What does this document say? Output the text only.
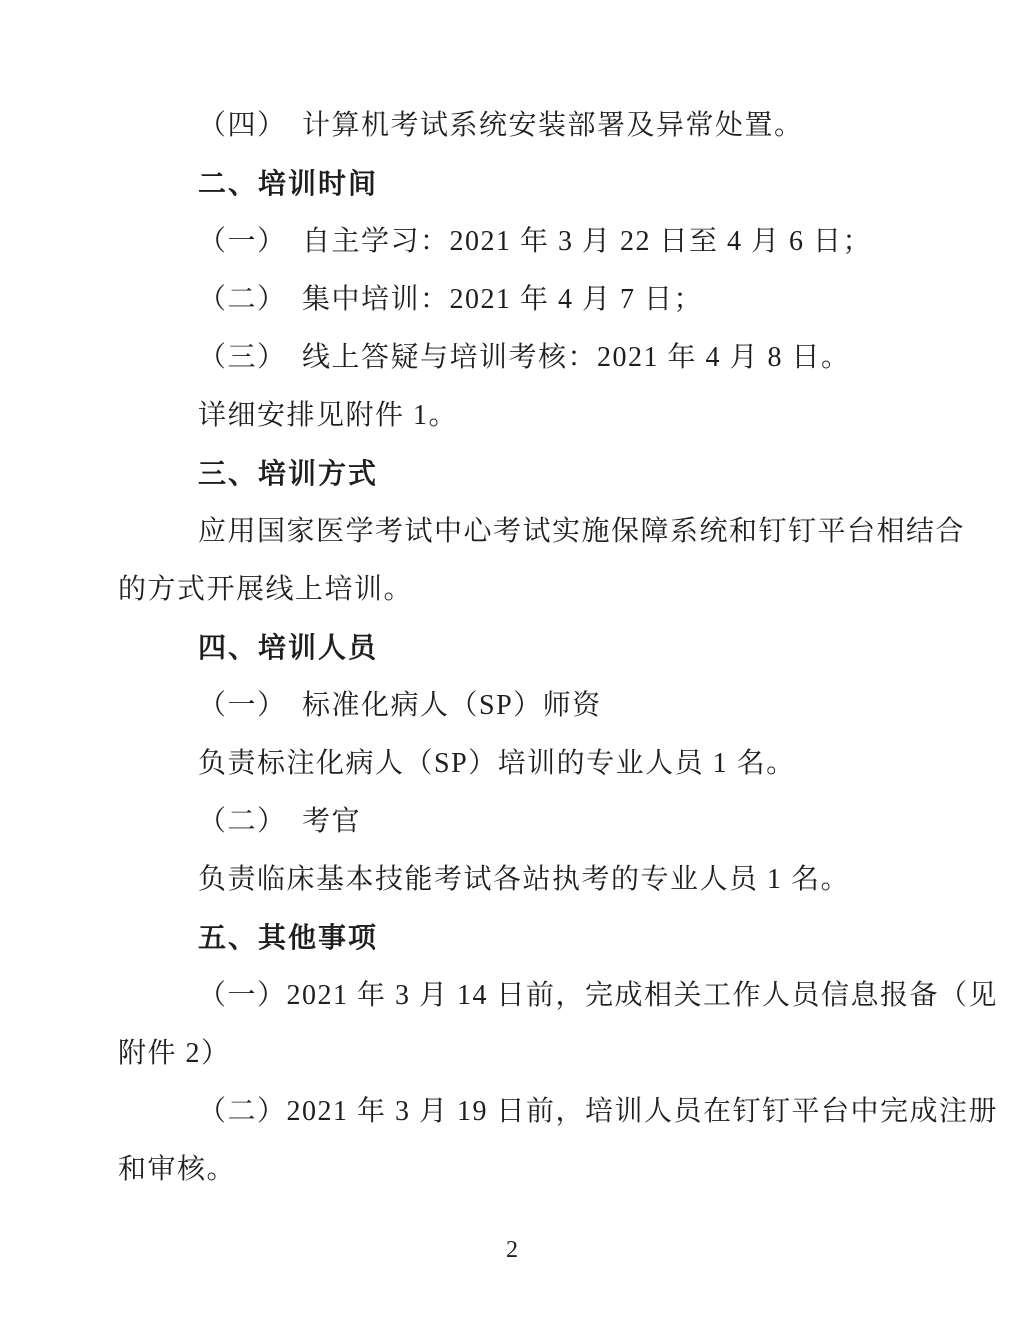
（四）　计算机考试系统安装部署及异常处置。
二、培训时间
（一）　自主学习：2021 年 3 月 22 日至 4 月 6 日；
（二）　集中培训：2021 年 4 月 7 日；
（三）　线上答疑与培训考核：2021 年 4 月 8 日。
详细安排见附件 1。
三、培训方式
应用国家医学考试中心考试实施保障系统和钉钉平台相结合
的方式开展线上培训。
四、培训人员
（一）　标准化病人（SP）师资
负责标注化病人（SP）培训的专业人员 1 名。
（二）　考官
负责临床基本技能考试各站执考的专业人员 1 名。
五、其他事项
（一）2021 年 3 月 14 日前，完成相关工作人员信息报备（见
附件 2）
（二）2021 年 3 月 19 日前，培训人员在钉钉平台中完成注册
和审核。
2
